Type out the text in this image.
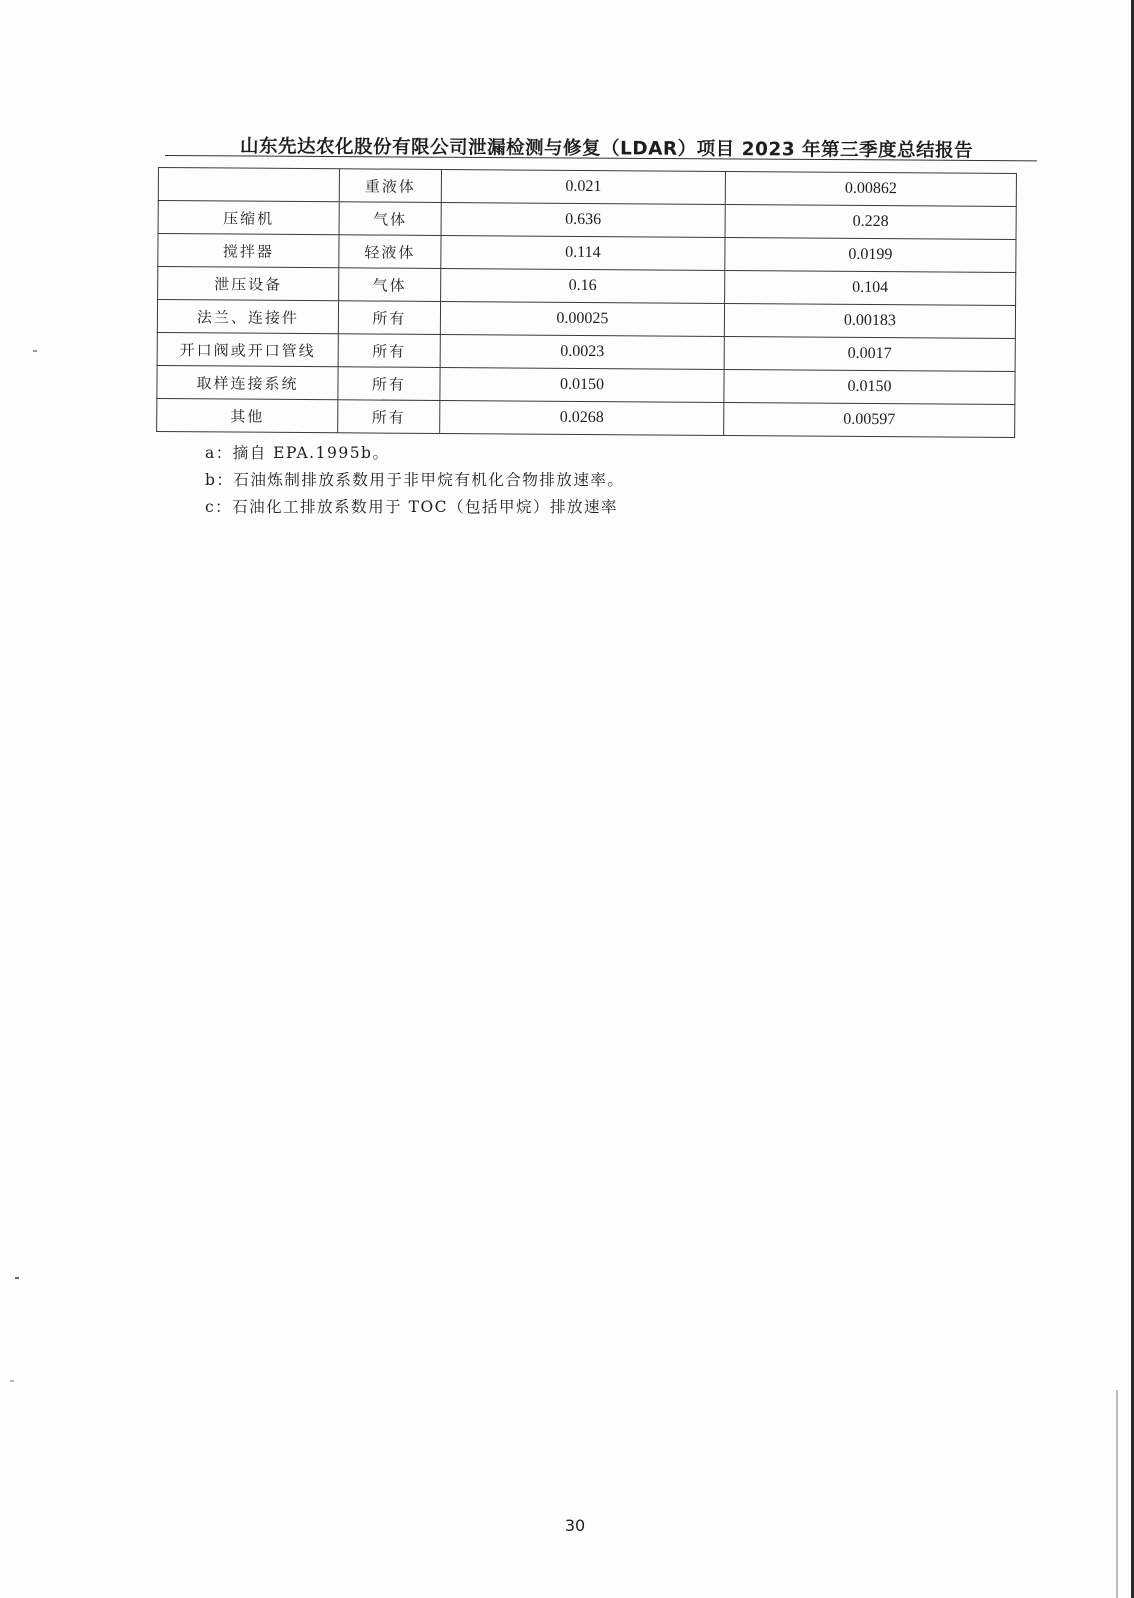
山东先达农化股份有限公司泄漏检测与修复（LDAR）项目 2023 年第三季度总结报告
	重液体	0.021	0.00862
压缩机	气体	0.636	0.228
搅拌器	轻液体	0.114	0.0199
泄压设备	气体	0.16	0.104
法兰、连接件	所有	0.00025	0.00183
开口阀或开口管线	所有	0.0023	0.0017
取样连接系统	所有	0.0150	0.0150
其他	所有	0.0268	0.00597
a：摘自 EPA.1995b。
b：石油炼制排放系数用于非甲烷有机化合物排放速率。
c：石油化工排放系数用于 TOC（包括甲烷）排放速率
30
